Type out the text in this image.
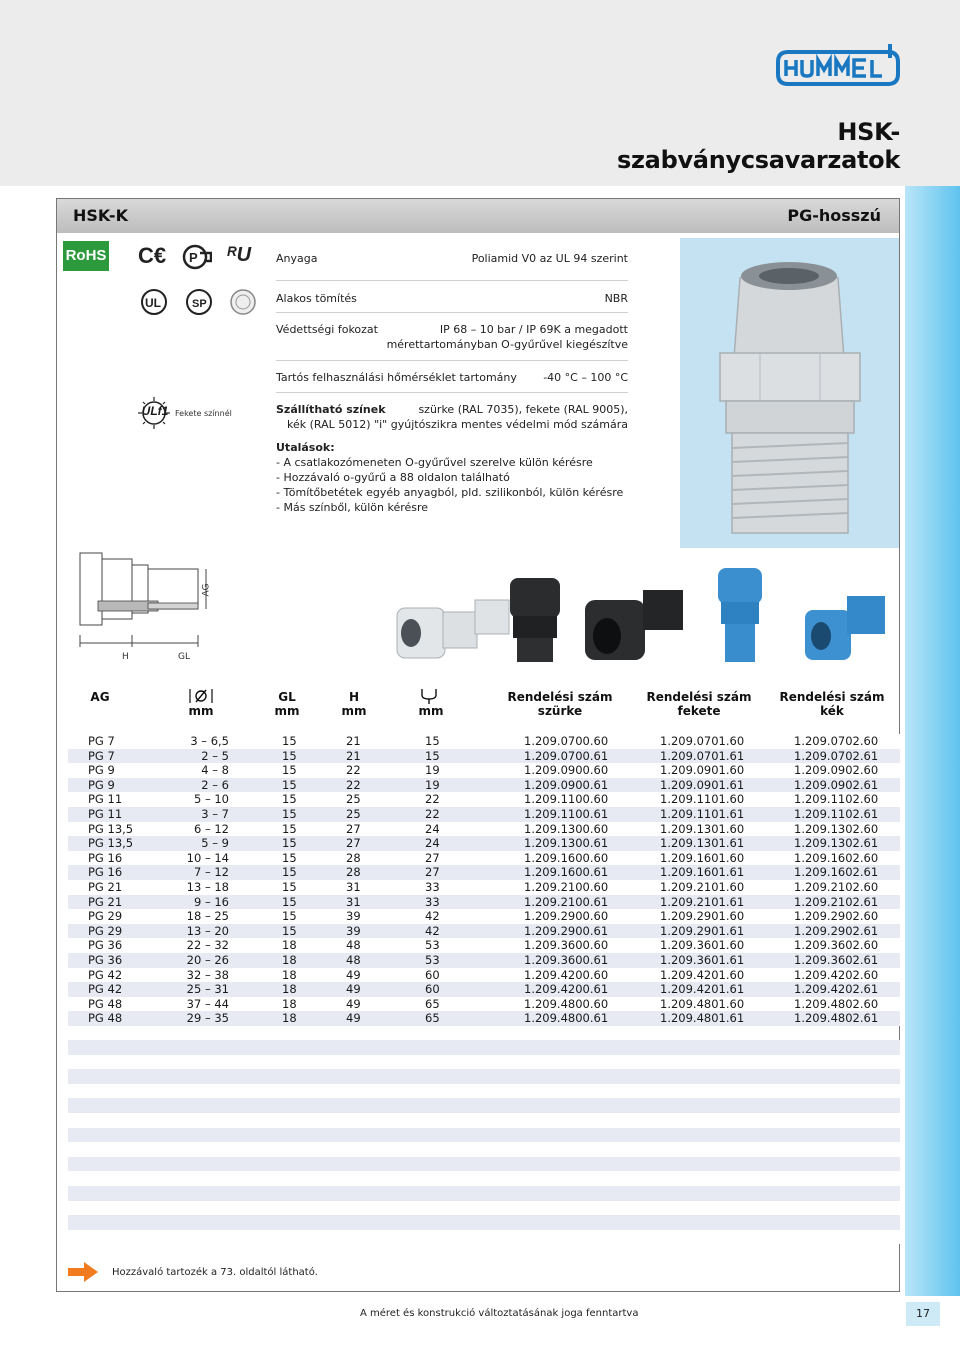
HSK-szabványcsavarzatok
HSK-K	PG-hosszú
RoHS C€ P ᴿU
UL	SP
ULf1 Fekete színnél
Anyaga	Poliamid V0 az UL 94 szerint
Alakos tömítés	NBR
Védettségi fokozat	IP 68 – 10 bar / IP 69K a megadott
mérettartományban O-gyűrűvel kiegészítve
Tartós felhasználási hőmérséklet tartomány -40 °C – 100 °C
Szállítható színek	szürke (RAL 7035), fekete (RAL 9005),
kék (RAL 5012) "i" gyújtószikra mentes védelmi mód számára
Utalások:
- A csatlakozómeneten O-gyűrűvel szerelve külön kérésre
- Hozzávaló o-gyűrű a 88 oldalon található
- Tömítőbetétek egyéb anyagból, pld. szilikonból, külön kérésre
- Más színből, külön kérésre
AG
H	GL
AG
mm
GL
mm
H
mm	mm
Rendelési szám
szürke
Rendelési szám
fekete
Rendelési szám
kék
PG 7	3 – 6,5	15	21	15	1.209.0700.60	1.209.0701.60	1.209.0702.60
PG 7	2 – 5	15	21	15	1.209.0700.61	1.209.0701.61	1.209.0702.61
PG 9	4 – 8	15	22	19	1.209.0900.60	1.209.0901.60	1.209.0902.60
PG 9	2 – 6	15	22	19	1.209.0900.61	1.209.0901.61	1.209.0902.61
PG 11	5 – 10	15	25	22	1.209.1100.60	1.209.1101.60	1.209.1102.60
PG 11	3 – 7	15	25	22	1.209.1100.61	1.209.1101.61	1.209.1102.61
PG 13,5	6 – 12	15	27	24	1.209.1300.60	1.209.1301.60	1.209.1302.60
PG 13,5	5 – 9	15	27	24	1.209.1300.61	1.209.1301.61	1.209.1302.61
PG 16	10 – 14	15	28	27	1.209.1600.60	1.209.1601.60	1.209.1602.60
PG 16	7 – 12	15	28	27	1.209.1600.61	1.209.1601.61	1.209.1602.61
PG 21	13 – 18	15	31	33	1.209.2100.60	1.209.2101.60	1.209.2102.60
PG 21	9 – 16	15	31	33	1.209.2100.61	1.209.2101.61	1.209.2102.61
PG 29	18 – 25	15	39	42	1.209.2900.60	1.209.2901.60	1.209.2902.60
PG 29	13 – 20	15	39	42	1.209.2900.61	1.209.2901.61	1.209.2902.61
PG 36	22 – 32	18	48	53	1.209.3600.60	1.209.3601.60	1.209.3602.60
PG 36	20 – 26	18	48	53	1.209.3600.61	1.209.3601.61	1.209.3602.61
PG 42	32 – 38	18	49	60	1.209.4200.60	1.209.4201.60	1.209.4202.60
PG 42	25 – 31	18	49	60	1.209.4200.61	1.209.4201.61	1.209.4202.61
PG 48	37 – 44	18	49	65	1.209.4800.60	1.209.4801.60	1.209.4802.60
PG 48	29 – 35	18	49	65	1.209.4800.61	1.209.4801.61	1.209.4802.61
Hozzávaló tartozék a 73. oldaltól látható.
A méret és konstrukció változtatásának joga fenntartva	17
